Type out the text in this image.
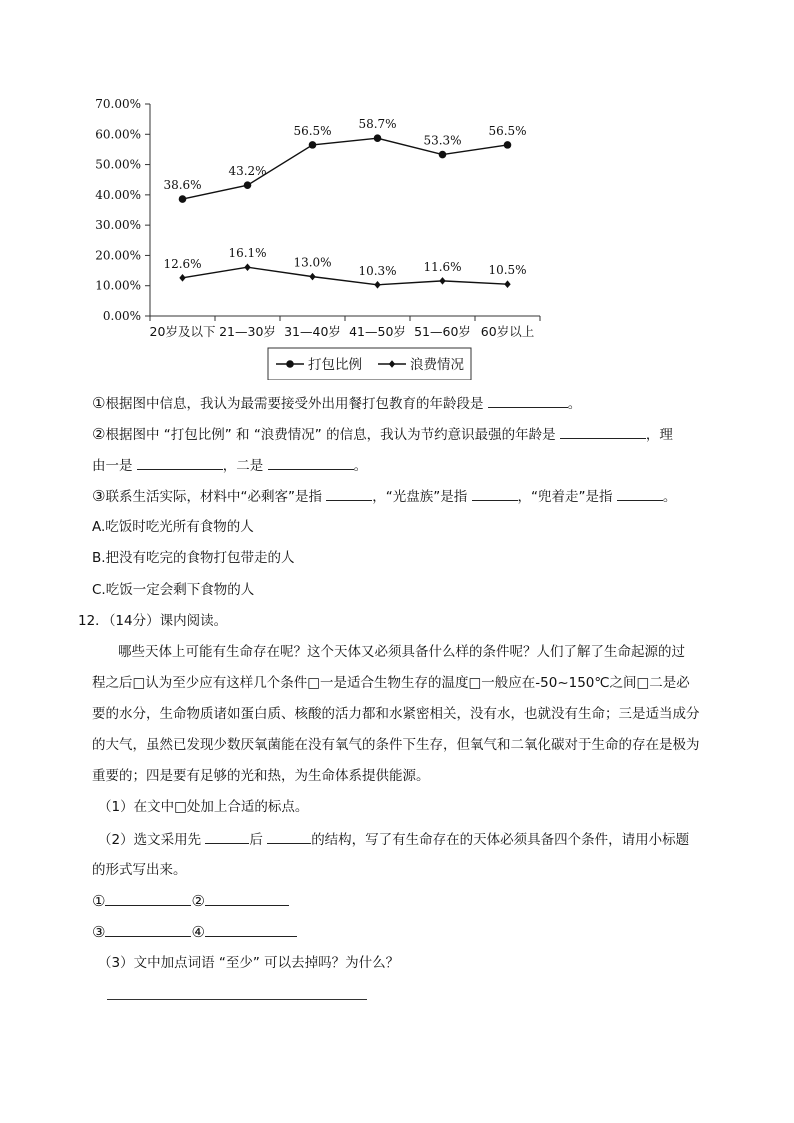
0.00%
10.00%
20.00%
30.00%
40.00%
50.00%
60.00%
70.00%
38.6%
43.2%
56.5% 58.7%
53.3%
56.5%
12.6%
16.1%
13.0%
10.3% 11.6% 10.5%
20岁及以下 21—30岁 31—40岁 41—50岁 51—60岁 60岁以上
打包比例	浪费情况
①根据图中信息，我认为最需要接受外出用餐打包教育的年龄段是	。
②根据图中 “打包比例” 和 “浪费情况” 的信息，我认为节约意识最强的年龄是	，理
由一是	，二是	。
③联系生活实际，材料中“必剩客”是指	，“光盘族”是指	，“兜着走”是指	。
A.吃饭时吃光所有食物的人
B.把没有吃完的食物打包带走的人
C.吃饭一定会剩下食物的人
12．（14分）课内阅读。
哪些天体上可能有生命存在呢？这个天体又必须具备什么样的条件呢？人们了解了生命起源的过
程之后□认为至少应有这样几个条件□一是适合生物生存的温度□一般应在-50~150℃之间□二是必
要的水分，生命物质诸如蛋白质、核酸的活力都和水紧密相关，没有水，也就没有生命；三是适当成分
的大气，虽然已发现少数厌氧菌能在没有氧气的条件下生存，但氧气和二氧化碳对于生命的存在是极为
重要的；四是要有足够的光和热，为生命体系提供能源。
（1）在文中□处加上合适的标点。
（2）选文采用先	后	的结构，写了有生命存在的天体必须具备四个条件，请用小标题
的形式写出来。
①	②
③	④
（3）文中加点词语 “至少” 可以去掉吗？为什么？
